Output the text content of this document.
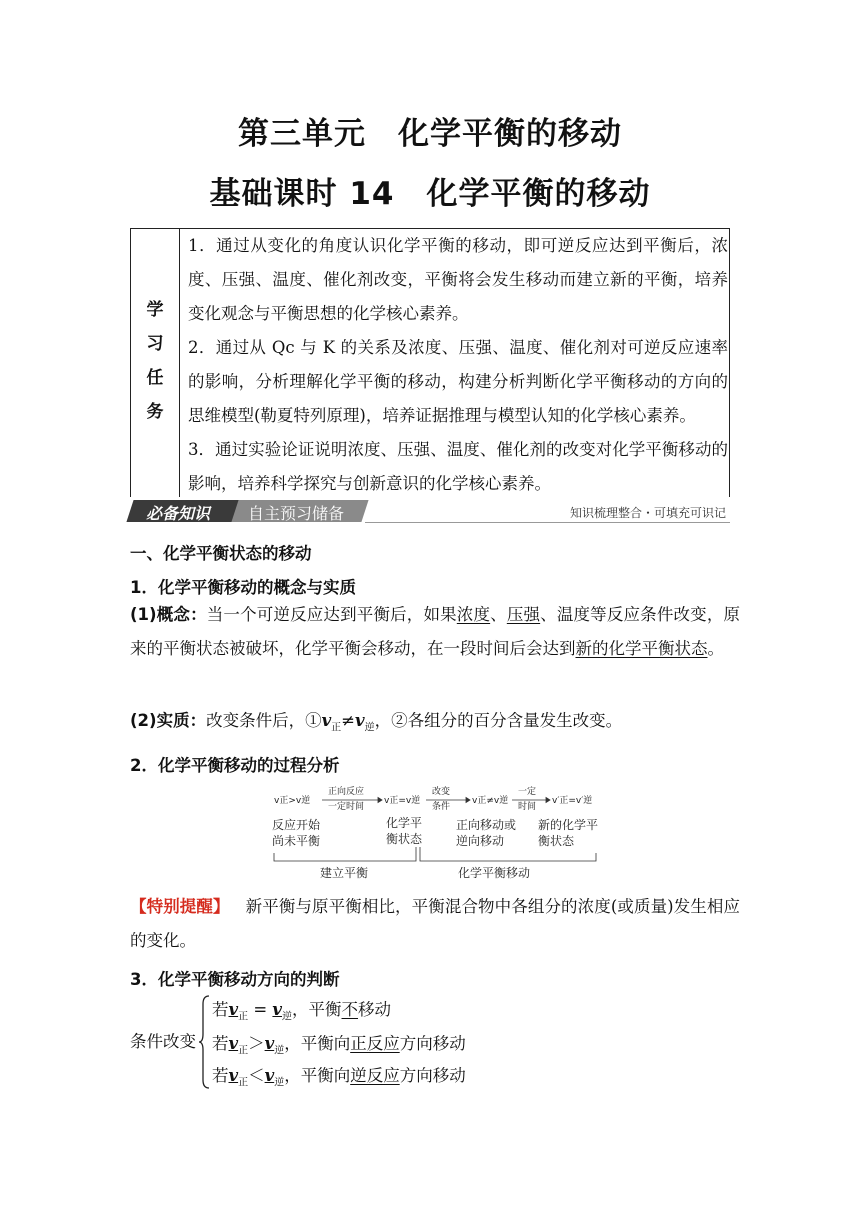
第三单元　化学平衡的移动
基础课时 14　化学平衡的移动
学
习
任
务

1．通过从变化的角度认识化学平衡的移动，即可逆反应达到平衡后，浓度、压强、温度、催化剂改变，平衡将会发生移动而建立新的平衡，培养变化观念与平衡思想的化学核心素养。

2．通过从 Qc 与 K 的关系及浓度、压强、温度、催化剂对可逆反应速率的影响，分析理解化学平衡的移动，构建分析判断化学平衡移动的方向的思维模型(勒夏特列原理)，培养证据推理与模型认知的化学核心素养。

3．通过实验论证说明浓度、压强、温度、催化剂的改变对化学平衡移动的影响，培养科学探究与创新意识的化学核心素养。

必备知识 自主预习储备	知识梳理整合・可填充可识记
一、化学平衡状态的移动
1．化学平衡移动的概念与实质
(1)概念：当一个可逆反应达到平衡后，如果浓度、压强、温度等反应条件改变，原来的平衡状态被破坏，化学平衡会移动，在一段时间后会达到新的化学平衡状态。
(2)实质：改变条件后，$①v_正\ne v_逆$，②各组分的百分含量发生改变。
2．化学平衡移动的过程分析
v正>v逆
正向反应
一定时间
v正=v逆
改变
条件
v正≠v逆
一定
时间
v′正=v′逆
反应开始
尚未平衡
化学平
衡状态
正向移动或
逆向移动
新的化学平
衡状态
建立平衡	化学平衡移动
【特别提醒】 新平衡与原平衡相比，平衡混合物中各组分的浓度(或质量)发生相应的变化。
3．化学平衡移动方向的判断
条件改变
若$v_正 = v_逆$，平衡不移动
若$v_正>v_逆$，平衡向正反应方向移动
若$v_正<v_逆$，平衡向逆反应方向移动
